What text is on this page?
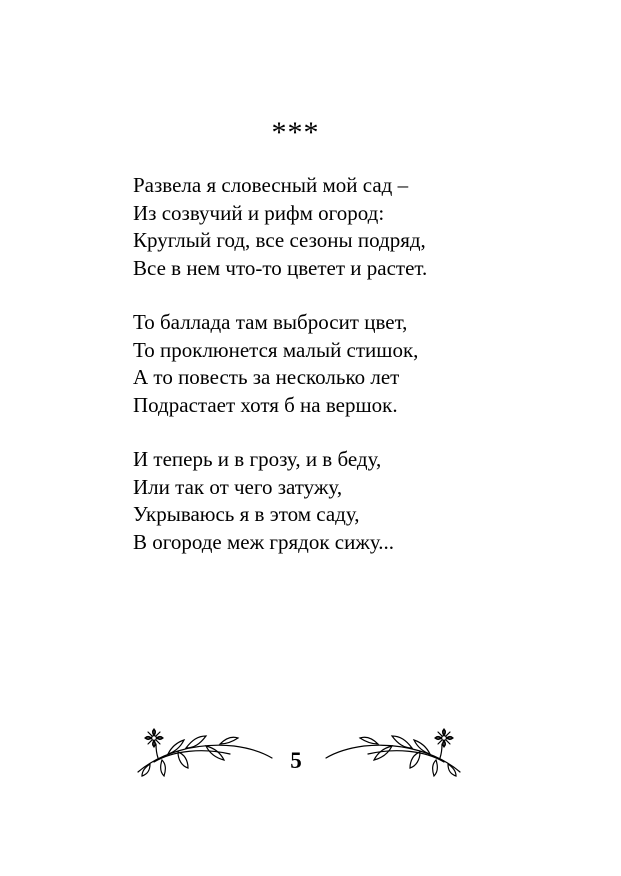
***
Развела я словесный мой сад –
Из созвучий и рифм огород:
Круглый год, все сезоны подряд,
Все в нем что-то цветет и растет.
То баллада там выбросит цвет,
То проклюнется малый стишок,
А то повесть за несколько лет
Подрастает хотя б на вершок.
И теперь и в грозу, и в беду,
Или так от чего затужу,
Укрываюсь я в этом саду,
В огороде меж грядок сижу...
5
